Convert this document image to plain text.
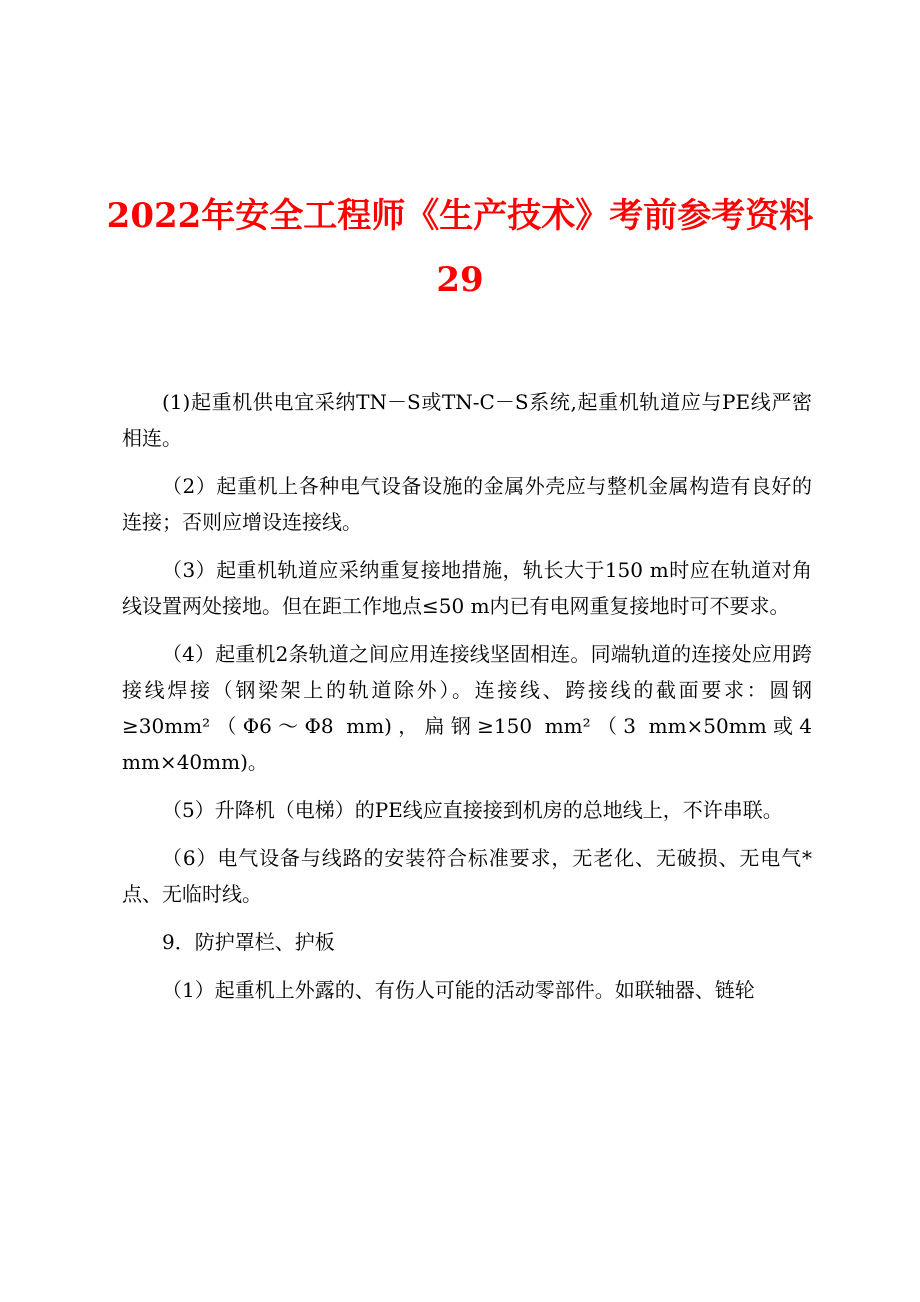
2022年安全工程师《生产技术》考前参考资料
29

(1)起重机供电宜采纳TN－S或TN-C－S系统,起重机轨道应与PE线严密相连。

（2）起重机上各种电气设备设施的金属外壳应与整机金属构造有良好的连接；否则应增设连接线。

（3）起重机轨道应采纳重复接地措施，轨长大于150 m时应在轨道对角线设置两处接地。但在距工作地点≤50 m内已有电网重复接地时可不要求。

（4）起重机2条轨道之间应用连接线坚固相连。同端轨道的连接处应用跨接线焊接（钢梁架上的轨道除外）。连接线、跨接线的截面要求：圆钢≥30mm²（Φ6～Φ8 mm)，扁钢≥150 mm²（3 mm×50mm或4 mm×40mm)。

（5）升降机（电梯）的PE线应直接接到机房的总地线上，不许串联。

（6）电气设备与线路的安装符合标准要求，无老化、无破损、无电气*点、无临时线。

9．防护罩栏、护板

（1）起重机上外露的、有伤人可能的活动零部件。如联轴器、链轮
